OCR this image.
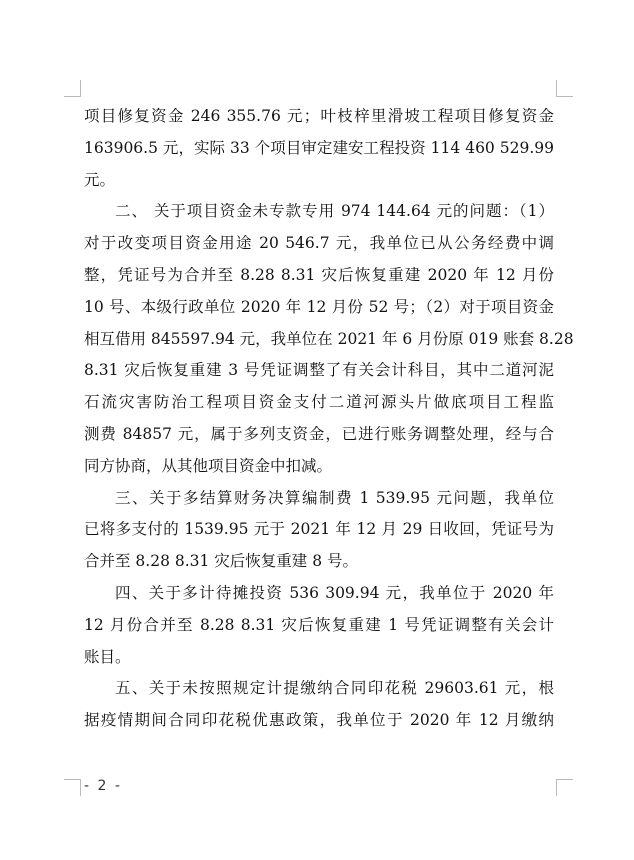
项目修复资金 246 355.76 元；叶枝梓里滑坡工程项目修复资金
163906.5 元，实际 33 个项目审定建安工程投资 114 460 529.99
元。
二、 关于项目资金未专款专用 974 144.64 元的问题：（1）
对于改变项目资金用途 20 546.7 元，我单位已从公务经费中调
整，凭证号为合并至 8.28 8.31 灾后恢复重建 2020 年 12 月份
10 号、本级行政单位 2020 年 12 月份 52 号；（2）对于项目资金
相互借用 845597.94 元，我单位在 2021 年 6 月份原 019 账套 8.28
8.31 灾后恢复重建 3 号凭证调整了有关会计科目，其中二道河泥
石流灾害防治工程项目资金支付二道河源头片做底项目工程监
测费 84857 元，属于多列支资金，已进行账务调整处理，经与合
同方协商，从其他项目资金中扣减。
三、关于多结算财务决算编制费 1 539.95 元问题，我单位
已将多支付的 1539.95 元于 2021 年 12 月 29 日收回，凭证号为
合并至 8.28 8.31 灾后恢复重建 8 号。
四、关于多计待摊投资 536 309.94 元，我单位于 2020 年
12 月份合并至 8.28 8.31 灾后恢复重建 1 号凭证调整有关会计
账目。
五、关于未按照规定计提缴纳合同印花税 29603.61 元，根
据疫情期间合同印花税优惠政策，我单位于 2020 年 12 月缴纳
- 2 -
